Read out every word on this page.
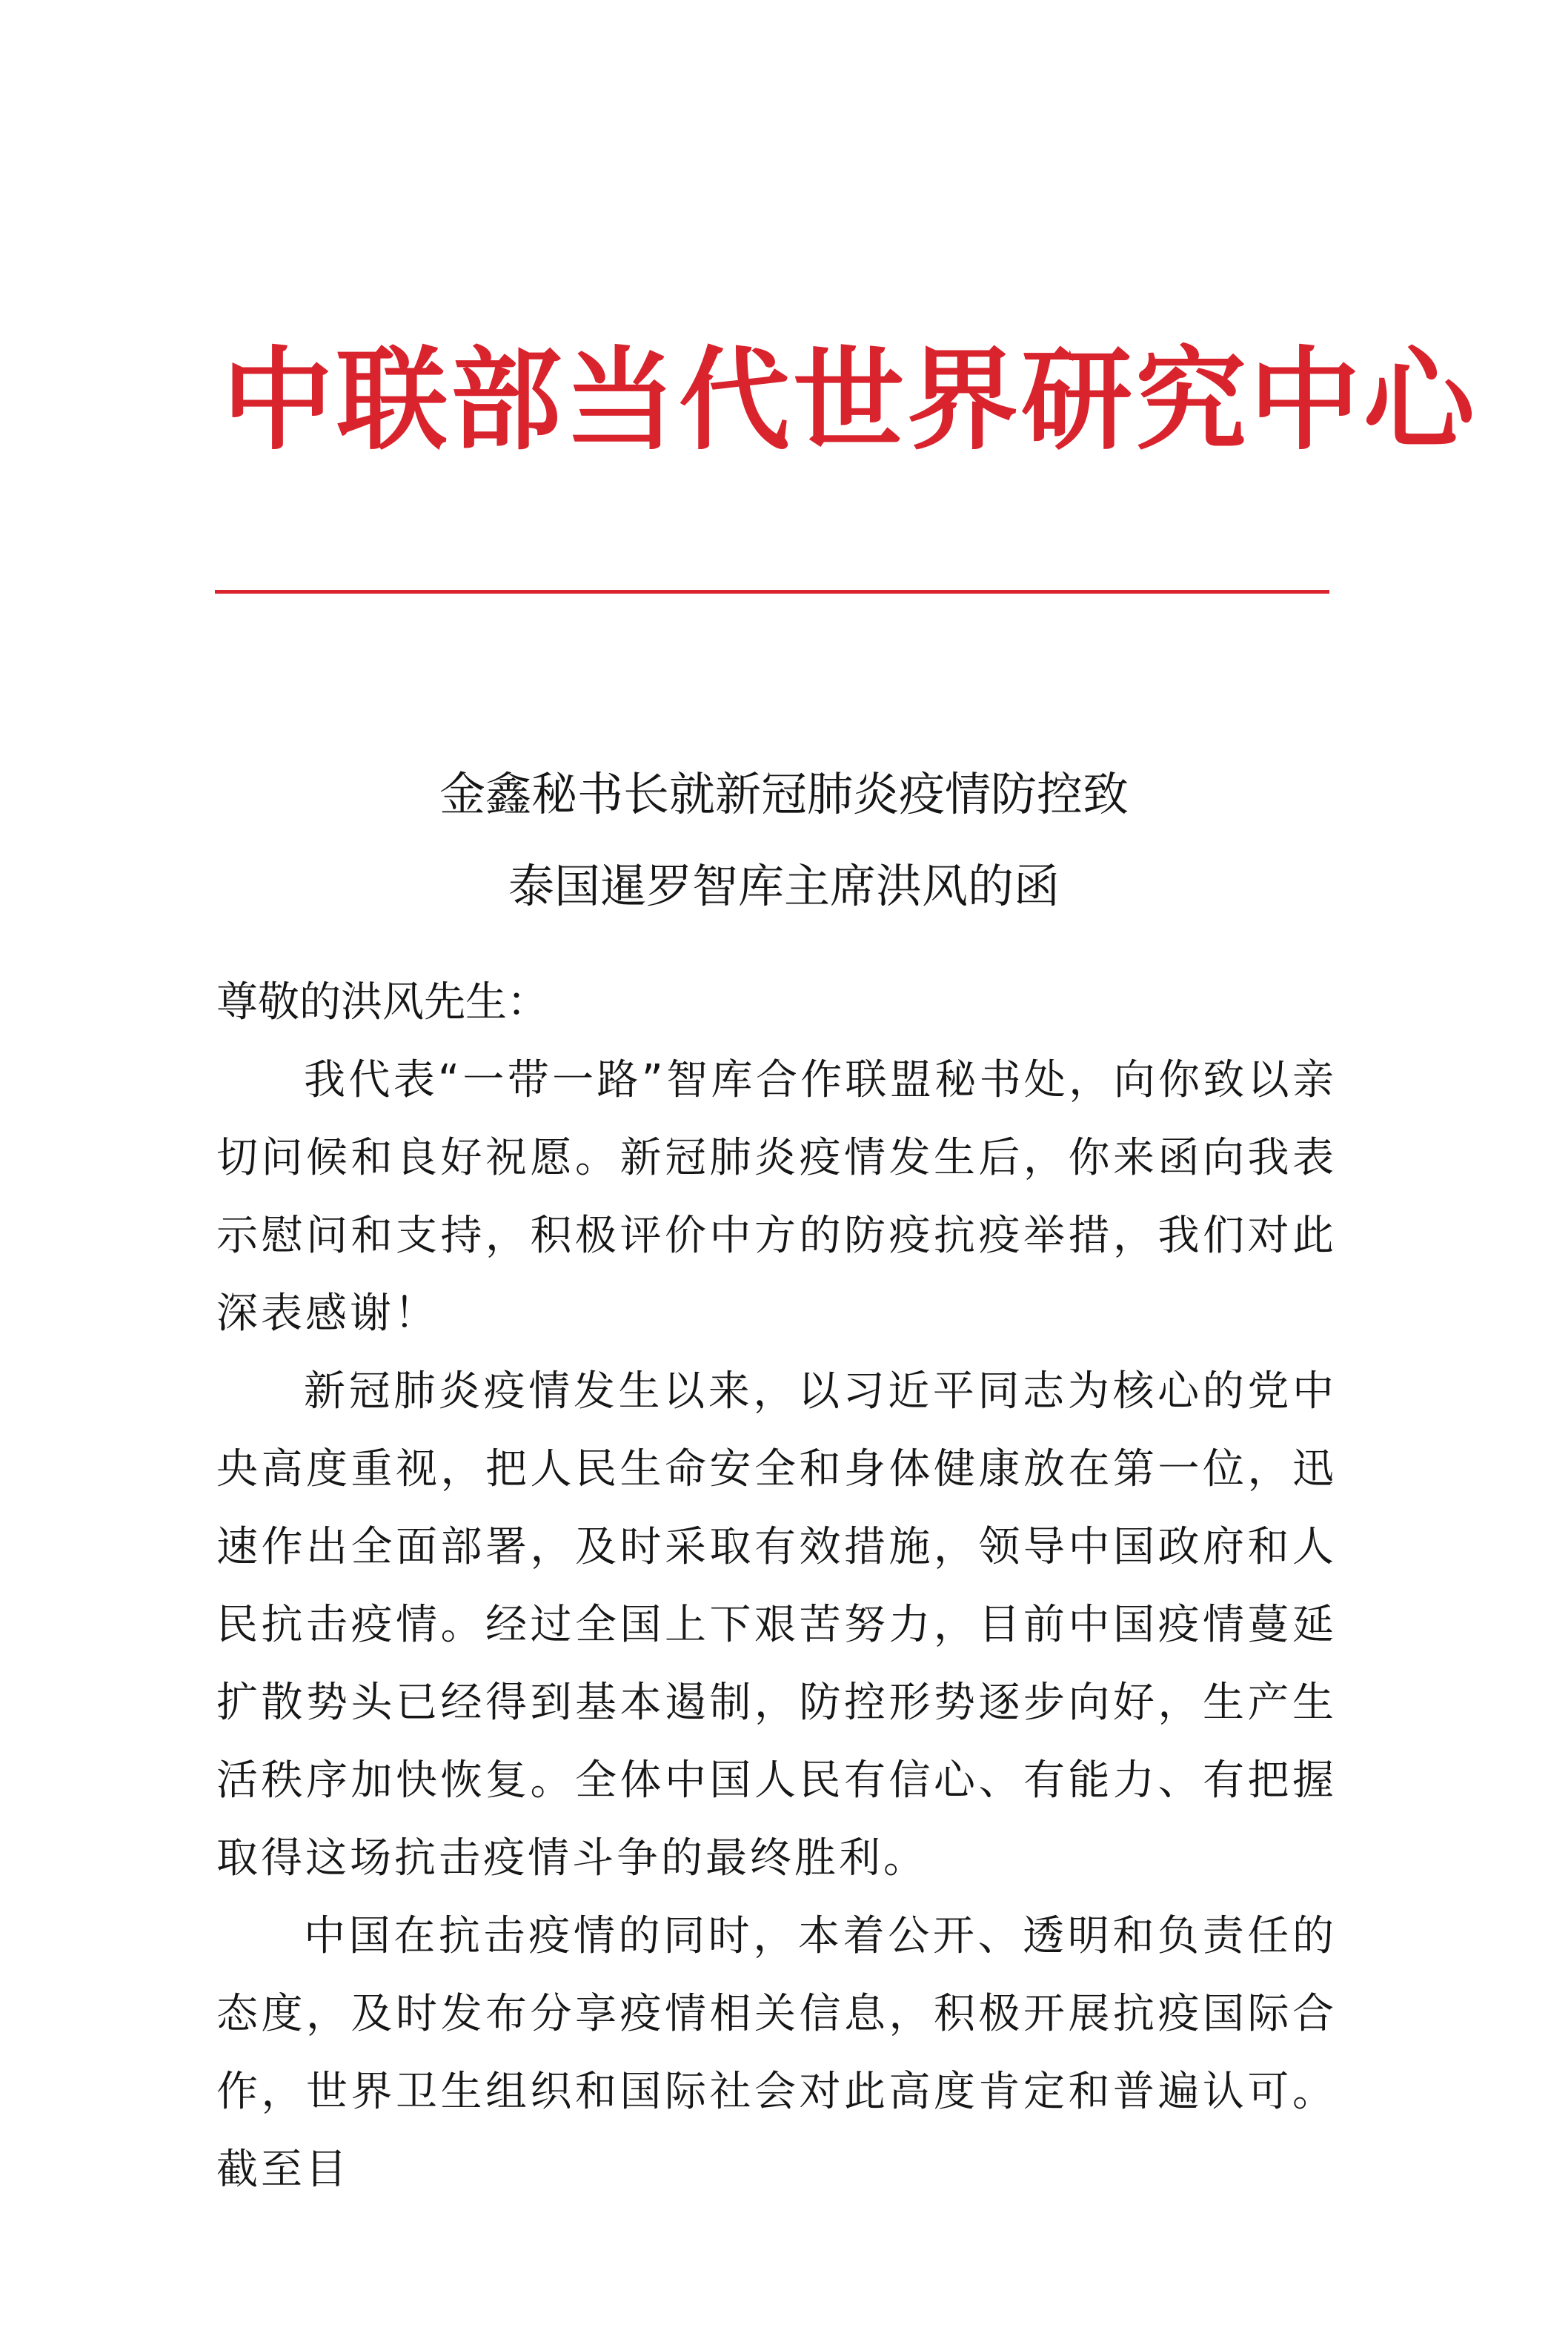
中联部当代世界研究中心
金鑫秘书长就新冠肺炎疫情防控致
泰国暹罗智库主席洪风的函

尊敬的洪风先生：

我代表“一带一路”智库合作联盟秘书处，向你致以亲切问候和良好祝愿。新冠肺炎疫情发生后，你来函向我表示慰问和支持，积极评价中方的防疫抗疫举措，我们对此深表感谢！

新冠肺炎疫情发生以来，以习近平同志为核心的党中央高度重视，把人民生命安全和身体健康放在第一位，迅速作出全面部署，及时采取有效措施，领导中国政府和人民抗击疫情。经过全国上下艰苦努力，目前中国疫情蔓延扩散势头已经得到基本遏制，防控形势逐步向好，生产生活秩序加快恢复。全体中国人民有信心、有能力、有把握取得这场抗击疫情斗争的最终胜利。

中国在抗击疫情的同时，本着公开、透明和负责任的态度，及时发布分享疫情相关信息，积极开展抗疫国际合作，世界卫生组织和国际社会对此高度肯定和普遍认可。截至目
